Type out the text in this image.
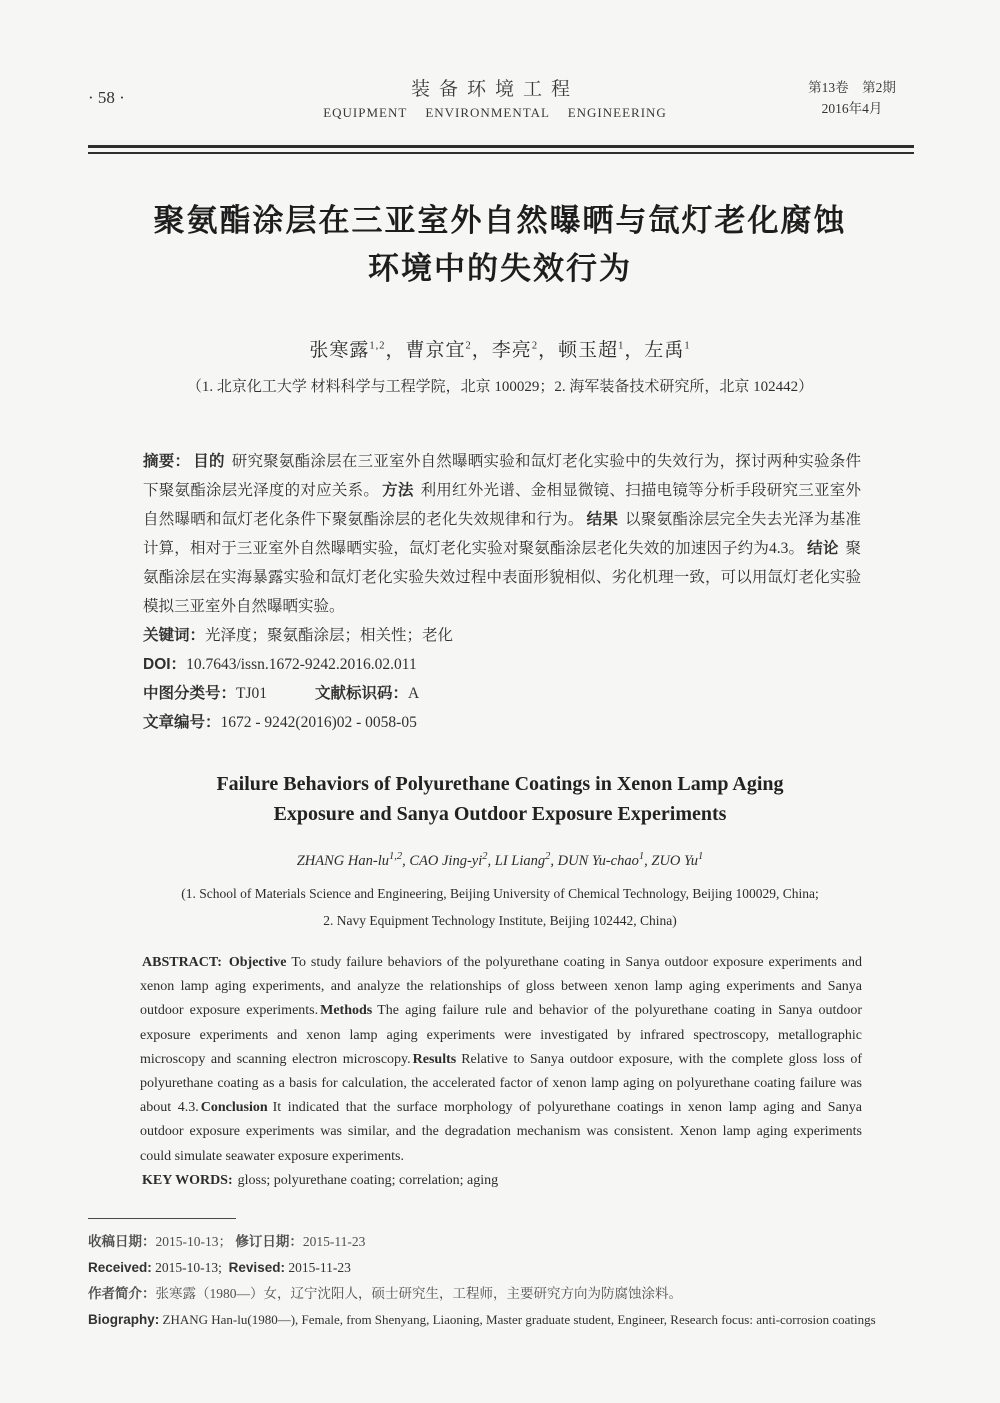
· 58 ·	装备环境工程
EQUIPMENT ENVIRONMENTAL ENGINEERING
第13卷　第2期
2016年4月
聚氨酯涂层在三亚室外自然曝晒与氙灯老化腐蚀
环境中的失效行为
张寒露$^{1,2}$，曹京宜$^2$，李亮$^2$，顿玉超$^1$，左禹$^1$
（1. 北京化工大学 材料科学与工程学院，北京 100029；2. 海军装备技术研究所，北京 102442）
摘要： 目的 研究聚氨酯涂层在三亚室外自然曝晒实验和氙灯老化实验中的失效行为，探讨两种实验条件下聚氨酯涂层光泽度的对应关系。 方法 利用红外光谱、金相显微镜、扫描电镜等分析手段研究三亚室外自然曝晒和氙灯老化条件下聚氨酯涂层的老化失效规律和行为。 结果 以聚氨酯涂层完全失去光泽为基准计算，相对于三亚室外自然曝晒实验，氙灯老化实验对聚氨酯涂层老化失效的加速因子约为4.3。 结论 聚氨酯涂层在实海暴露实验和氙灯老化实验失效过程中表面形貌相似、劣化机理一致，可以用氙灯老化实验模拟三亚室外自然曝晒实验。
关键词：光泽度；聚氨酯涂层；相关性；老化
DOI：10.7643/issn.1672-9242.2016.02.011
中图分类号：TJ01	文献标识码：A
文章编号：1672 - 9242(2016)02 - 0058-05
Failure Behaviors of Polyurethane Coatings in Xenon Lamp Aging
Exposure and Sanya Outdoor Exposure Experiments
ZHANG Han-lu$^{1,2}$, CAO Jing-$yi^2$, LI Liang$^2$, DUN Yu-chao$^1$, ZUO Yu$^1$
(1. School of Materials Science and Engineering, Beijing University of Chemical Technology, Beijing 100029, China;
2. Navy Equipment Technology Institute, Beijing 102442, China)
ABSTRACT: Objective To study failure behaviors of the polyurethane coating in Sanya outdoor exposure experiments and xenon lamp aging experiments, and analyze the relationships of gloss between xenon lamp aging experiments and Sanya outdoor exposure experiments. Methods The aging failure rule and behavior of the polyurethane coating in Sanya outdoor exposure experiments and xenon lamp aging experiments were investigated by infrared spectroscopy, metallographic microscopy and scanning electron microscopy. Results Relative to Sanya outdoor exposure, with the complete gloss loss of polyurethane coating as a basis for calculation, the accelerated factor of xenon lamp aging on polyurethane coating failure was about 4.3. Conclusion It indicated that the surface morphology of polyurethane coatings in xenon lamp aging and Sanya outdoor exposure experiments was similar, and the degradation mechanism was consistent. Xenon lamp aging experiments could simulate seawater exposure experiments.
KEY WORDS: gloss; polyurethane coating; correlation; aging
收稿日期：2015-10-13； 修订日期：2015-11-23
Received: 2015-10-13; Revised: 2015-11-23
作者简介：张寒露（1980—）女，辽宁沈阳人，硕士研究生，工程师，主要研究方向为防腐蚀涂料。
Biography: ZHANG Han-lu(1980—), Female, from Shenyang, Liaoning, Master graduate student, Engineer, Research focus: anti-corrosion coatings
